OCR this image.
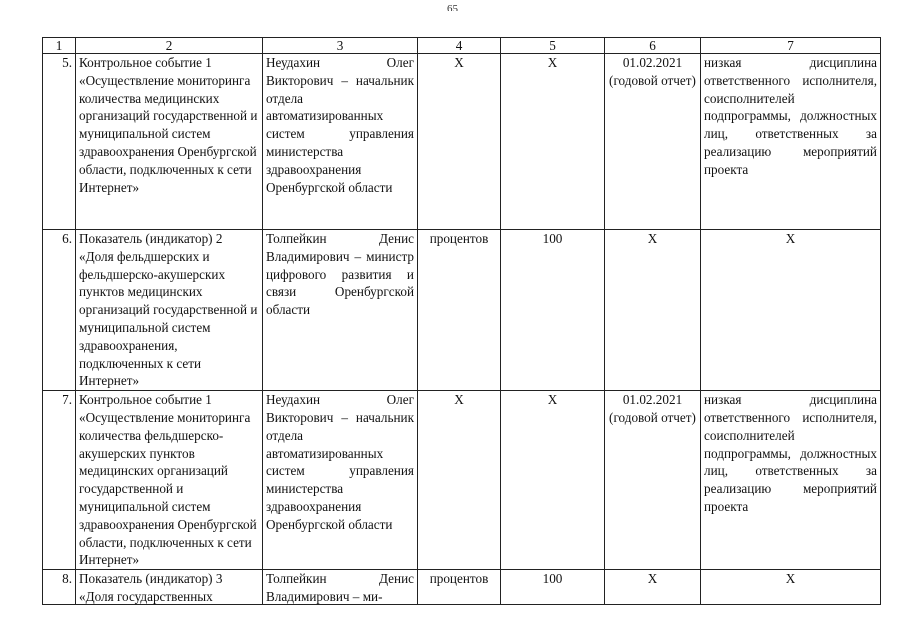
65
1	2	3	4	5	6	7
5.	Контрольное событие 1 «Осуществление мониторинга количества медицинских организаций государственной и муниципальной систем здравоохранения Оренбургской области, подключенных к сети Интернет»	Неудахин Олег Викторович – начальник отдела автоматизированных систем управления министерства здравоохранения Оренбургской области	X	X	01.02.2021 (годовой отчет)	низкая дисциплина ответственного исполнителя, соисполнителей подпрограммы, должностных лиц, ответственных за реализацию мероприятий проекта
6.	Показатель (индикатор) 2 «Доля фельдшерских и фельдшерско-акушерских пунктов медицинских организаций государственной и муниципальной систем здравоохранения, подключенных к сети Интернет»	Толпейкин Денис Владимирович – министр цифрового развития и связи Оренбургской области	процентов	100	X	X
7.	Контрольное событие 1 «Осуществление мониторинга количества фельдшерско-акушерских пунктов медицинских организаций государственной и муниципальной систем здравоохранения Оренбургской области, подключенных к сети Интернет»	Неудахин Олег Викторович – начальник отдела автоматизированных систем управления министерства здравоохранения Оренбургской области	X	X	01.02.2021 (годовой отчет)	низкая дисциплина ответственного исполнителя, соисполнителей подпрограммы, должностных лиц, ответственных за реализацию мероприятий проекта
8.	Показатель (индикатор) 3 «Доля государственных	Толпейкин Денис Владимирович – ми-	процентов	100	X	X
